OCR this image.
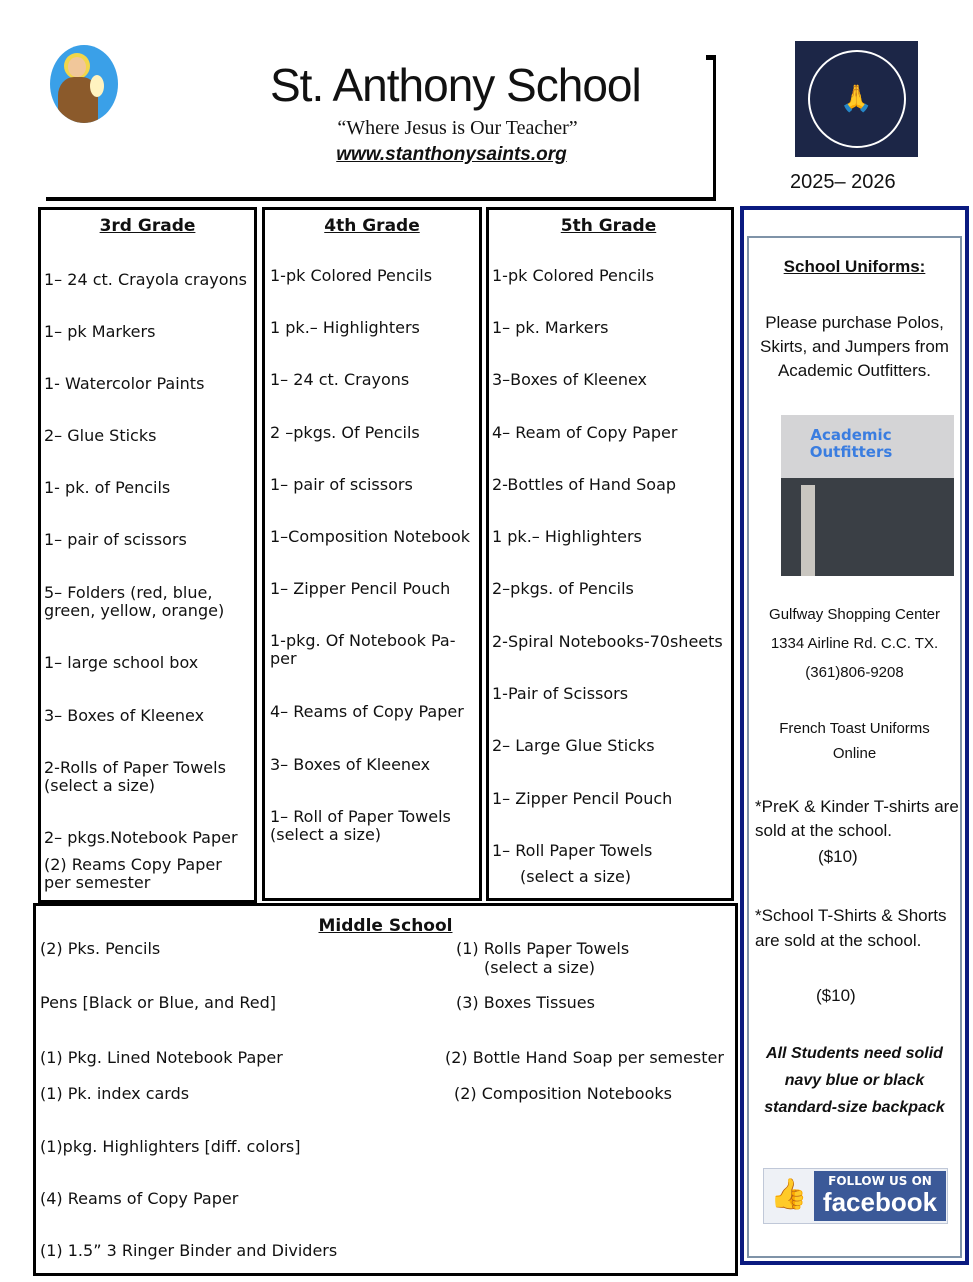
St. Anthony School
“Where Jesus is Our Teacher”
www.stanthonysaints.org
🙏
2025– 2026
3rd Grade	4th Grade	5th Grade
Middle School
1– 24 ct. Crayola crayons
1– pk Markers
1- Watercolor Paints
2– Glue Sticks
1- pk. of Pencils
1– pair of scissors
5– Folders (red, blue,
green, yellow, orange)
1– large school box
3– Boxes of Kleenex
2-Rolls of Paper Towels
(select a size)
2– pkgs.Notebook Paper
(2) Reams Copy Paper
per semester
1-pk Colored Pencils
1 pk.– Highlighters
1– 24 ct. Crayons
2 –pkgs. Of Pencils
1– pair of scissors
1–Composition Notebook
1– Zipper Pencil Pouch
1-pkg. Of Notebook Pa-
per
4– Reams of Copy Paper
3– Boxes of Kleenex
1– Roll of Paper Towels
(select a size)
1-pk Colored Pencils
1– pk. Markers
3–Boxes of Kleenex
4– Ream of Copy Paper
2-Bottles of Hand Soap
1 pk.– Highlighters
2–pkgs. of Pencils
2-Spiral Notebooks-70sheets
1-Pair of Scissors
2– Large Glue Sticks
1– Zipper Pencil Pouch
1– Roll Paper Towels
(select a size)
(2) Pks. Pencils
Pens [Black or Blue, and Red]
(1) Pkg. Lined Notebook Paper
(1) Pk. index cards
(1)pkg. Highlighters [diff. colors]
(4) Reams of Copy Paper
(1) 1.5” 3 Ringer Binder and Dividers
(1) Rolls Paper Towels
(select a size)
(3) Boxes Tissues
(2) Bottle Hand Soap per semester
(2) Composition Notebooks
School Uniforms:
Please purchase Polos, Skirts, and Jumpers from Academic Outfitters.
Academic Outfitters
Gulfway Shopping Center
1334 Airline Rd. C.C. TX.
(361)806-9208
French Toast Uniforms Online
*PreK & Kinder T-shirts are sold at the school.
($10)
*School T-Shirts & Shorts are sold at the school.
($10)
All Students need solid navy blue or black standard-size backpack
👍	FOLLOW US ON
facebook
